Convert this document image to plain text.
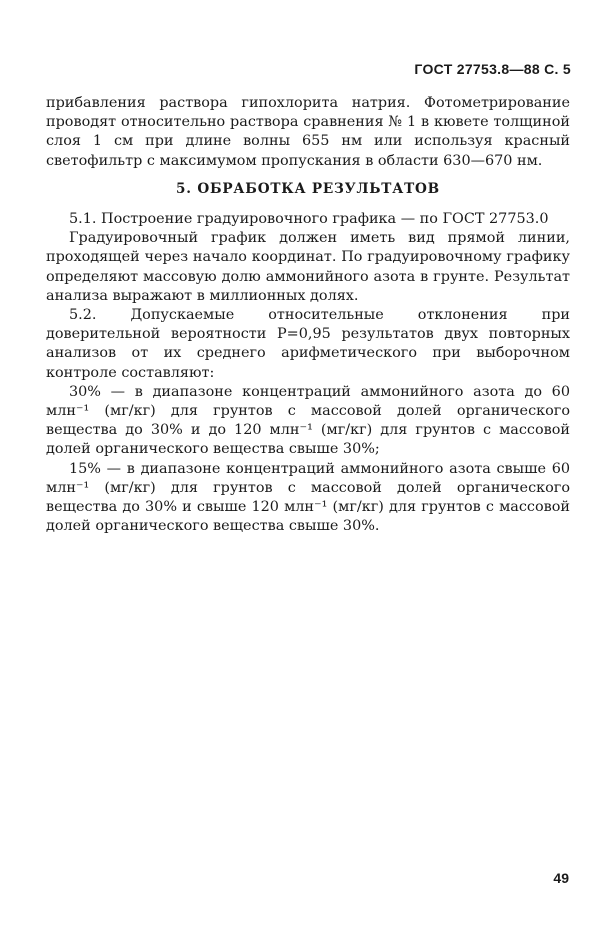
ГОСТ 27753.8—88 С. 5

прибавления раствора гипохлорита натрия. Фотометрирование проводят относительно раствора сравнения № 1 в кювете толщиной слоя 1 см при длине волны 655 нм или используя красный светофильтр с максимумом пропускания в области 630—670 нм.

5. ОБРАБОТКА РЕЗУЛЬТАТОВ

5.1. Построение градуировочного графика — по ГОСТ 27753.0

Градуировочный график должен иметь вид прямой линии, проходящей через начало координат. По градуировочному графику определяют массовую долю аммонийного азота в грунте. Результат анализа выражают в миллионных долях.

5.2. Допускаемые относительные отклонения при доверительной вероятности P=0,95 результатов двух повторных анализов от их среднего арифметического при выборочном контроле составляют:

30% — в диапазоне концентраций аммонийного азота до 60 млн⁻¹ (мг/кг) для грунтов с массовой долей органического вещества до 30% и до 120 млн⁻¹ (мг/кг) для грунтов с массовой долей органического вещества свыше 30%;

15% — в диапазоне концентраций аммонийного азота свыше 60 млн⁻¹ (мг/кг) для грунтов с массовой долей органического вещества до 30% и свыше 120 млн⁻¹ (мг/кг) для грунтов с массовой долей органического вещества свыше 30%.

49
